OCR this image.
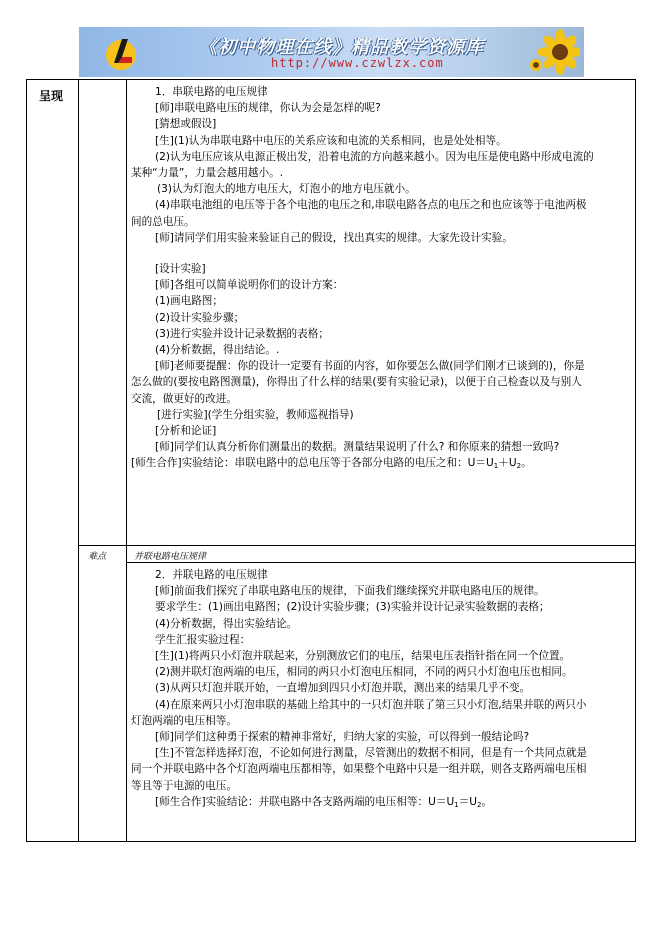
《初中物理在线》精品教学资源库
http://www.czwlzx.com
呈现
难点	并联电路电压规律

1．串联电路的电压规律

[师]串联电路电压的规律，你认为会是怎样的呢?

[猜想或假设]

[生](1)认为串联电路中电压的关系应该和电流的关系相同，也是处处相等。

(2)认为电压应该从电源正极出发，沿着电流的方向越来越小。因为电压是使电路中形成电流的

某种“力量”，力量会越用越小。.

(3)认为灯泡大的地方电压大，灯泡小的地方电压就小。

(4)串联电池组的电压等于各个电池的电压之和,串联电路各点的电压之和也应该等于电池两极

间的总电压。

[师]请同学们用实验来验证自己的假设，找出真实的规律。大家先设计实验。

[设计实验]

[师]各组可以简单说明你们的设计方案：

(1)画电路图；

(2)设计实验步骤；

(3)进行实验并设计记录数据的表格；

(4)分析数据，得出结论。.

[师]老师要提醒：你的设计一定要有书面的内容，如你要怎么做(同学们刚才已谈到的)，你是

怎么做的(要按电路图测量)，你得出了什么样的结果(要有实验记录)，以便于自己检查以及与别人

交流，做更好的改进。

[进行实验](学生分组实验，教师巡视指导)

[分析和论证]

[师]同学们认真分析你们测量出的数据。测量结果说明了什么? 和你原来的猜想一致吗?

[师生合作]实验结论：串联电路中的总电压等于各部分电路的电压之和：$U=U_1+U_2$。

2．并联电路的电压规律

[师]前面我们探究了串联电路电压的规律，下面我们继续探究并联电路电压的规律。

要求学生：(1)画出电路图；(2)设计实验步骤；(3)实验并设计记录实验数据的表格；

(4)分析数据，得出实验结论。

学生汇报实验过程：

[生](1)将两只小灯泡并联起来，分别测放它们的电压，结果电压表指针指在同一个位置。

(2)测并联灯泡两端的电压，相同的两只小灯泡电压相同，不同的两只小灯泡电压也相同。

(3)从两只灯泡并联开始，一直增加到四只小灯泡并联，测出来的结果几乎不变。

(4)在原来两只小灯泡串联的基础上给其中的一只灯泡并联了第三只小灯泡,结果并联的两只小

灯泡两端的电压相等。

[师]同学们这种勇于探索的精神非常好，归纳大家的实验，可以得到一般结论吗?

[生]不管怎样选择灯泡，不论如何进行测量，尽管测出的数据不相同，但是有一个共同点就是

同一个并联电路中各个灯泡两端电压都相等，如果整个电路中只是一组并联，则各支路两端电压相

等且等于电源的电压。

[师生合作]实验结论：并联电路中各支路两端的电压相等：$U=U_1=U_2$。
